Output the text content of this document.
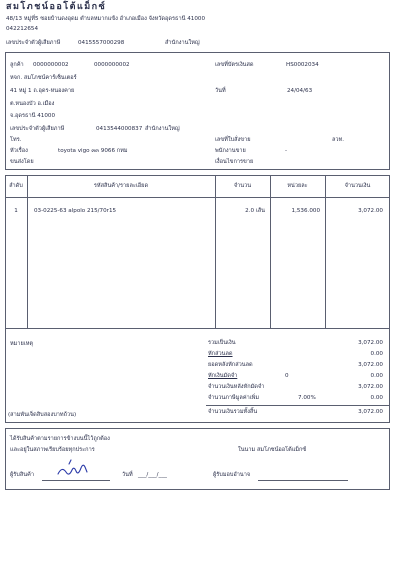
สมโภชน์ออโต้แม็กซ์
48/13 หมู่ที่5 ซอยบ้านดงอุดม ตำบลหมากแข้ง อำเภอเมือง จังหวัดอุดรธานี 41000
042212654
เลขประจำตัวผู้เสียภาษี	0415557000298	สำนักงานใหญ่
ลูกค้า 0000000002	0000000002
หจก. สมโภชน์คาร์เซ็นเตอร์
41 หมู่ 1 ถ.อุดร-หนองคาย
ต.หนองบัว อ.เมือง
จ.อุดรธานี 41000
เลขประจำตัวผู้เสียภาษี	0413544000837 สำนักงานใหญ่
โทร.
หัวเรื่อง	toyota vigo ๓๓ 9066 กทม
ขนส่งโดย
เลขที่บัตรเงินสด	HS0002034
วันที่	24/04/63
เลขที่ใบสั่งขาย	ลวท.
พนักงานขาย	-
เงื่อนไขการขาย
ลำดับ	รหัสสินค้า/รายละเอียด	จำนวน	หน่วยละ	จำนวนเงิน
1	03-0225-63 alpolo 215/70r15	2.0 เส้น	1,536.000	3,072.00
หมายเหตุ
(สามพันเจ็ดสิบสองบาทถ้วน)
รวมเป็นเงิน	3,072.00
หักส่วนลด	0.00
ยอดหลังหักส่วนลด	3,072.00
หักเงินมัดจำ	0	0.00
จำนวนเงินหลังหักมัดจำ	3,072.00
จำนวนภาษีมูลค่าเพิ่ม	7.00%	0.00
จำนวนเงินรวมทั้งสิ้น	3,072.00
ได้รับสินค้าตามรายการข้างบนนี้ไว้ถูกต้อง
และอยู่ในสภาพเรียบร้อยทุกประการ	ในนาม สมโภชน์ออโต้แม็กซ์
ผู้รับสินค้า	วันที่ ___/___/___	ผู้รับมอบอำนาจ
